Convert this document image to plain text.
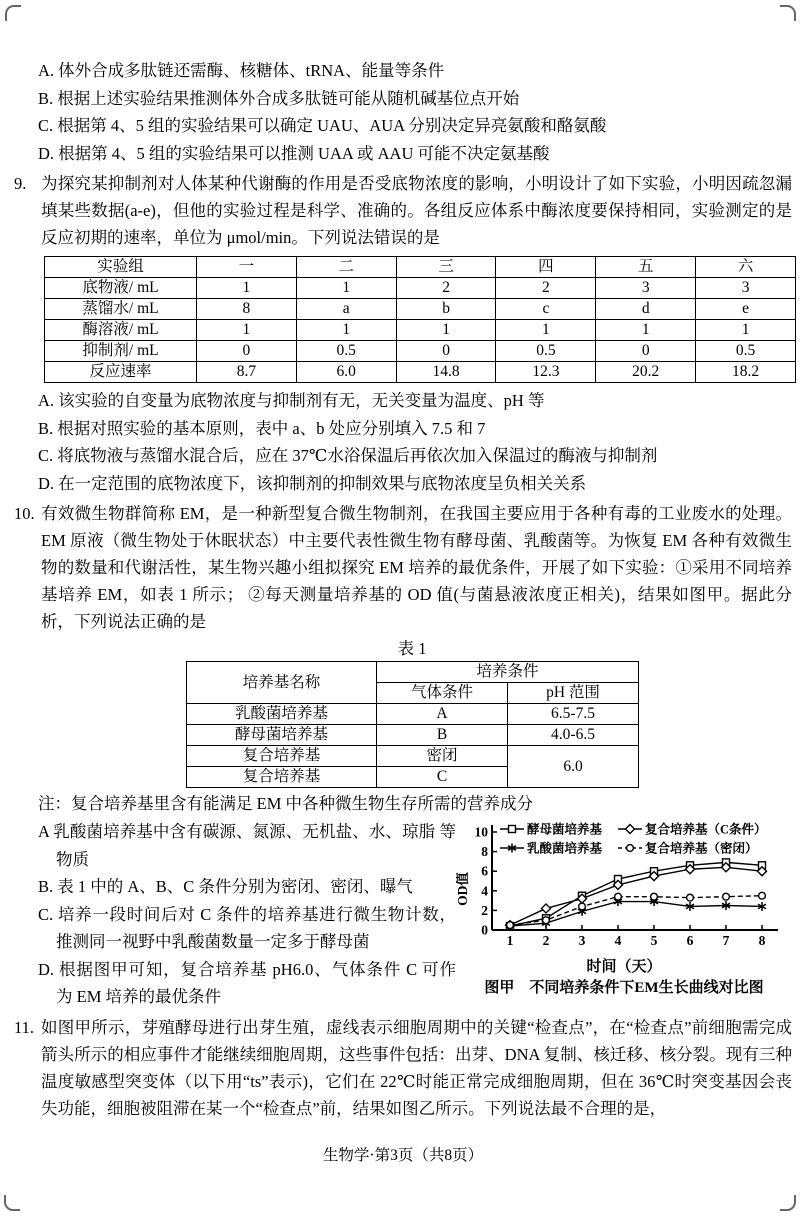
A. 体外合成多肽链还需酶、核糖体、tRNA、能量等条件
B. 根据上述实验结果推测体外合成多肽链可能从随机碱基位点开始
C. 根据第 4、5 组的实验结果可以确定 UAU、AUA 分别决定异亮氨酸和酪氨酸
D. 根据第 4、5 组的实验结果可以推测 UAA 或 AAU 可能不决定氨基酸
9. 为探究某抑制剂对人体某种代谢酶的作用是否受底物浓度的影响，小明设计了如下实验，小明因疏忽漏填某些数据(a-e)，但他的实验过程是科学、准确的。各组反应体系中酶浓度要保持相同，实验测定的是反应初期的速率，单位为 μmol/min。下列说法错误的是
实验组	一	二	三	四	五	六
底物液/ mL	1	1	2	2	3	3
蒸馏水/ mL	8	a	b	c	d	e
酶溶液/ mL	1	1	1	1	1	1
抑制剂/ mL	0	0.5	0	0.5	0	0.5
反应速率	8.7	6.0	14.8	12.3	20.2	18.2
A. 该实验的自变量为底物浓度与抑制剂有无，无关变量为温度、pH 等
B. 根据对照实验的基本原则，表中 a、b 处应分别填入 7.5 和 7
C. 将底物液与蒸馏水混合后，应在 37℃水浴保温后再依次加入保温过的酶液与抑制剂
D. 在一定范围的底物浓度下，该抑制剂的抑制效果与底物浓度呈负相关关系
10. 有效微生物群简称 EM，是一种新型复合微生物制剂，在我国主要应用于各种有毒的工业废水的处理。EM 原液（微生物处于休眠状态）中主要代表性微生物有酵母菌、乳酸菌等。为恢复 EM 各种有效微生物的数量和代谢活性，某生物兴趣小组拟探究 EM 培养的最优条件，开展了如下实验：①采用不同培养基培养 EM，如表 1 所示； ②每天测量培养基的 OD 值(与菌悬液浓度正相关)，结果如图甲。据此分析，下列说法正确的是
表 1
培养基名称	培养条件	
	气体条件	pH 范围
乳酸菌培养基	A	6.5-7.5
酵母菌培养基	B	4.0-6.5
复合培养基	密闭	6.0
复合培养基	C	
注：复合培养基里含有能满足 EM 中各种微生物生存所需的营养成分
A 乳酸菌培养基中含有碳源、氮源、无机盐、水、琼脂 等物质
B. 表 1 中的 A、B、C 条件分别为密闭、密闭、曝气
C. 培养一段时间后对 C 条件的培养基进行微生物计数， 推测同一视野中乳酸菌数量一定多于酵母菌
D. 根据图甲可知，复合培养基 pH6.0、气体条件 C 可作 为 EM 培养的最优条件
0
2
4
6
8
10
1 2 3 4 5 6 7 8
OD值
酵母菌培养基
乳酸菌培养基
复合培养基（C条件）
复合培养基（密闭）
时间（天）
图甲　不同培养条件下EM生长曲线对比图
11. 如图甲所示，芽殖酵母进行出芽生殖，虚线表示细胞周期中的关键“检查点”，在“检查点”前细胞需完成箭头所示的相应事件才能继续细胞周期，这些事件包括：出芽、DNA 复制、核迁移、核分裂。现有三种温度敏感型突变体（以下用“ts”表示)，它们在 22℃时能正常完成细胞周期，但在 36℃时突变基因会丧失功能，细胞被阻滞在某一个“检查点”前，结果如图乙所示。下列说法最不合理的是，
生物学·第3页（共8页）
